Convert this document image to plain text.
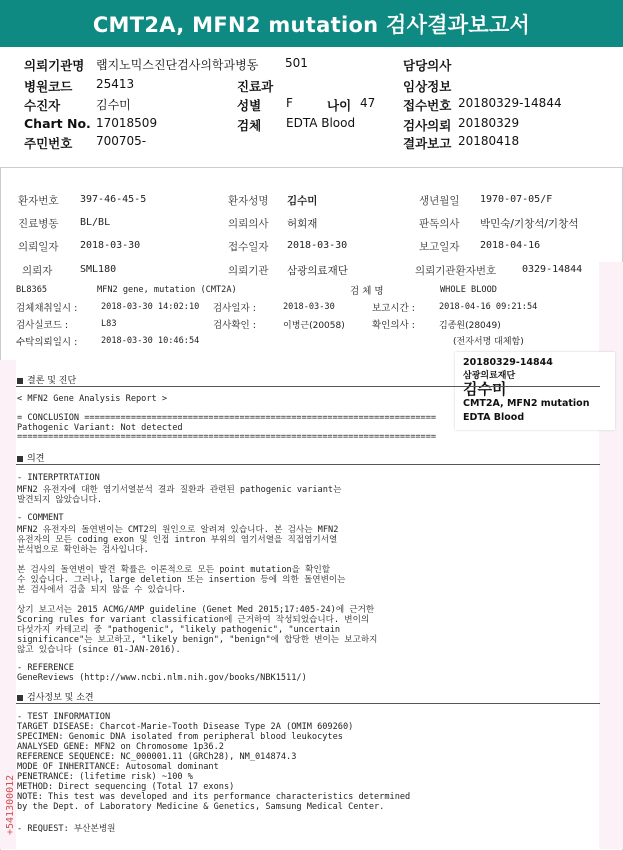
CMT2A, MFN2 mutation 검사결과보고서
의뢰기관명 랩지노믹스진단검사의학과병동 501	담당의사
병원코드 25413	진료과	임상정보
수진자	김수미	성별 F	나이 47 접수번호 20180329-14844
Chart No. 17018509	검체 EDTA Blood	검사의뢰 20180329
주민번호 700705-	결과보고 20180418
환자번호 397-46-45-5	환자성명 김수미	생년월일 1970-07-05/F
진료병동 BL/BL	의뢰의사 허회재	판독의사 박민숙/기창석/기창석
의뢰일자 2018-03-30	접수일자 2018-03-30	보고일자 2018-04-16
의뢰자	SML180	의뢰기관 삼광의료재단	의뢰기관환자번호	0329-14844
BL8365	MFN2 gene, mutation (CMT2A)	검 체 명	WHOLE BLOOD
검체채취일시 :	2018-03-30 14:02:10 검사일자 :	2018-03-30	보고시간 :	2018-04-16 09:21:54
검사실코드 :	L83	검사확인 :	이병근(20058)	확인의사 :	김종원(28049)
수탁의뢰일시 :	2018-03-30 10:46:54	(전자서명 대체함)
20180329-14844
삼광의료재단
김수미
CMT2A, MFN2 mutation
EDTA Blood
결론 및 진단
< MFN2 Gene Analysis Report >
= CONCLUSION ====================================================================
Pathogenic Variant: Not detected
=================================================================================
의견
- INTERPTRTATION
MFN2 유전자에 대한 염기서열분석 결과 질환과 관련된 pathogenic variant는
발견되지 않았습니다.
- COMMENT
MFN2 유전자의 돌연변이는 CMT2의 원인으로 알려져 있습니다. 본 검사는 MFN2
유전자의 모든 coding exon 및 인접 intron 부위의 염기서열을 직접염기서열
분석법으로 확인하는 검사입니다.
본 검사의 돌연변이 발견 확률은 이론적으로 모든 point mutation을 확인할
수 있습니다. 그러나, large deletion 또는 insertion 등에 의한 돌연변이는
본 검사에서 검출 되지 않을 수 있습니다.
상기 보고서는 2015 ACMG/AMP guideline (Genet Med 2015;17:405-24)에 근거한
Scoring rules for variant classification에 근거하여 작성되었습니다. 변이의
다섯가지 카테고리 중 "pathogenic", "likely pathogenic", "uncertain
significance"는 보고하고, "likely benign", "benign"에 합당한 변이는 보고하지
않고 있습니다 (since 01-JAN-2016).
- REFERENCE
GeneReviews (http://www.ncbi.nlm.nih.gov/books/NBK1511/)
검사정보 및 소견
- TEST INFORMATION
TARGET DISEASE: Charcot-Marie-Tooth Disease Type 2A (OMIM 609260)
SPECIMEN: Genomic DNA isolated from peripheral blood leukocytes
ANALYSED GENE: MFN2 on Chromosome 1p36.2
REFERENCE SEQUENCE: NC_000001.11 (GRCh28), NM_014874.3
MODE OF INHERITANCE: Autosomal dominant
PENETRANCE: (lifetime risk) ~100 %
METHOD: Direct sequencing (Total 17 exons)
NOTE: This test was developed and its performance characteristics determined
by the Dept. of Laboratory Medicine & Genetics, Samsung Medical Center.
- REQUEST: 부산본병원
+541300012
